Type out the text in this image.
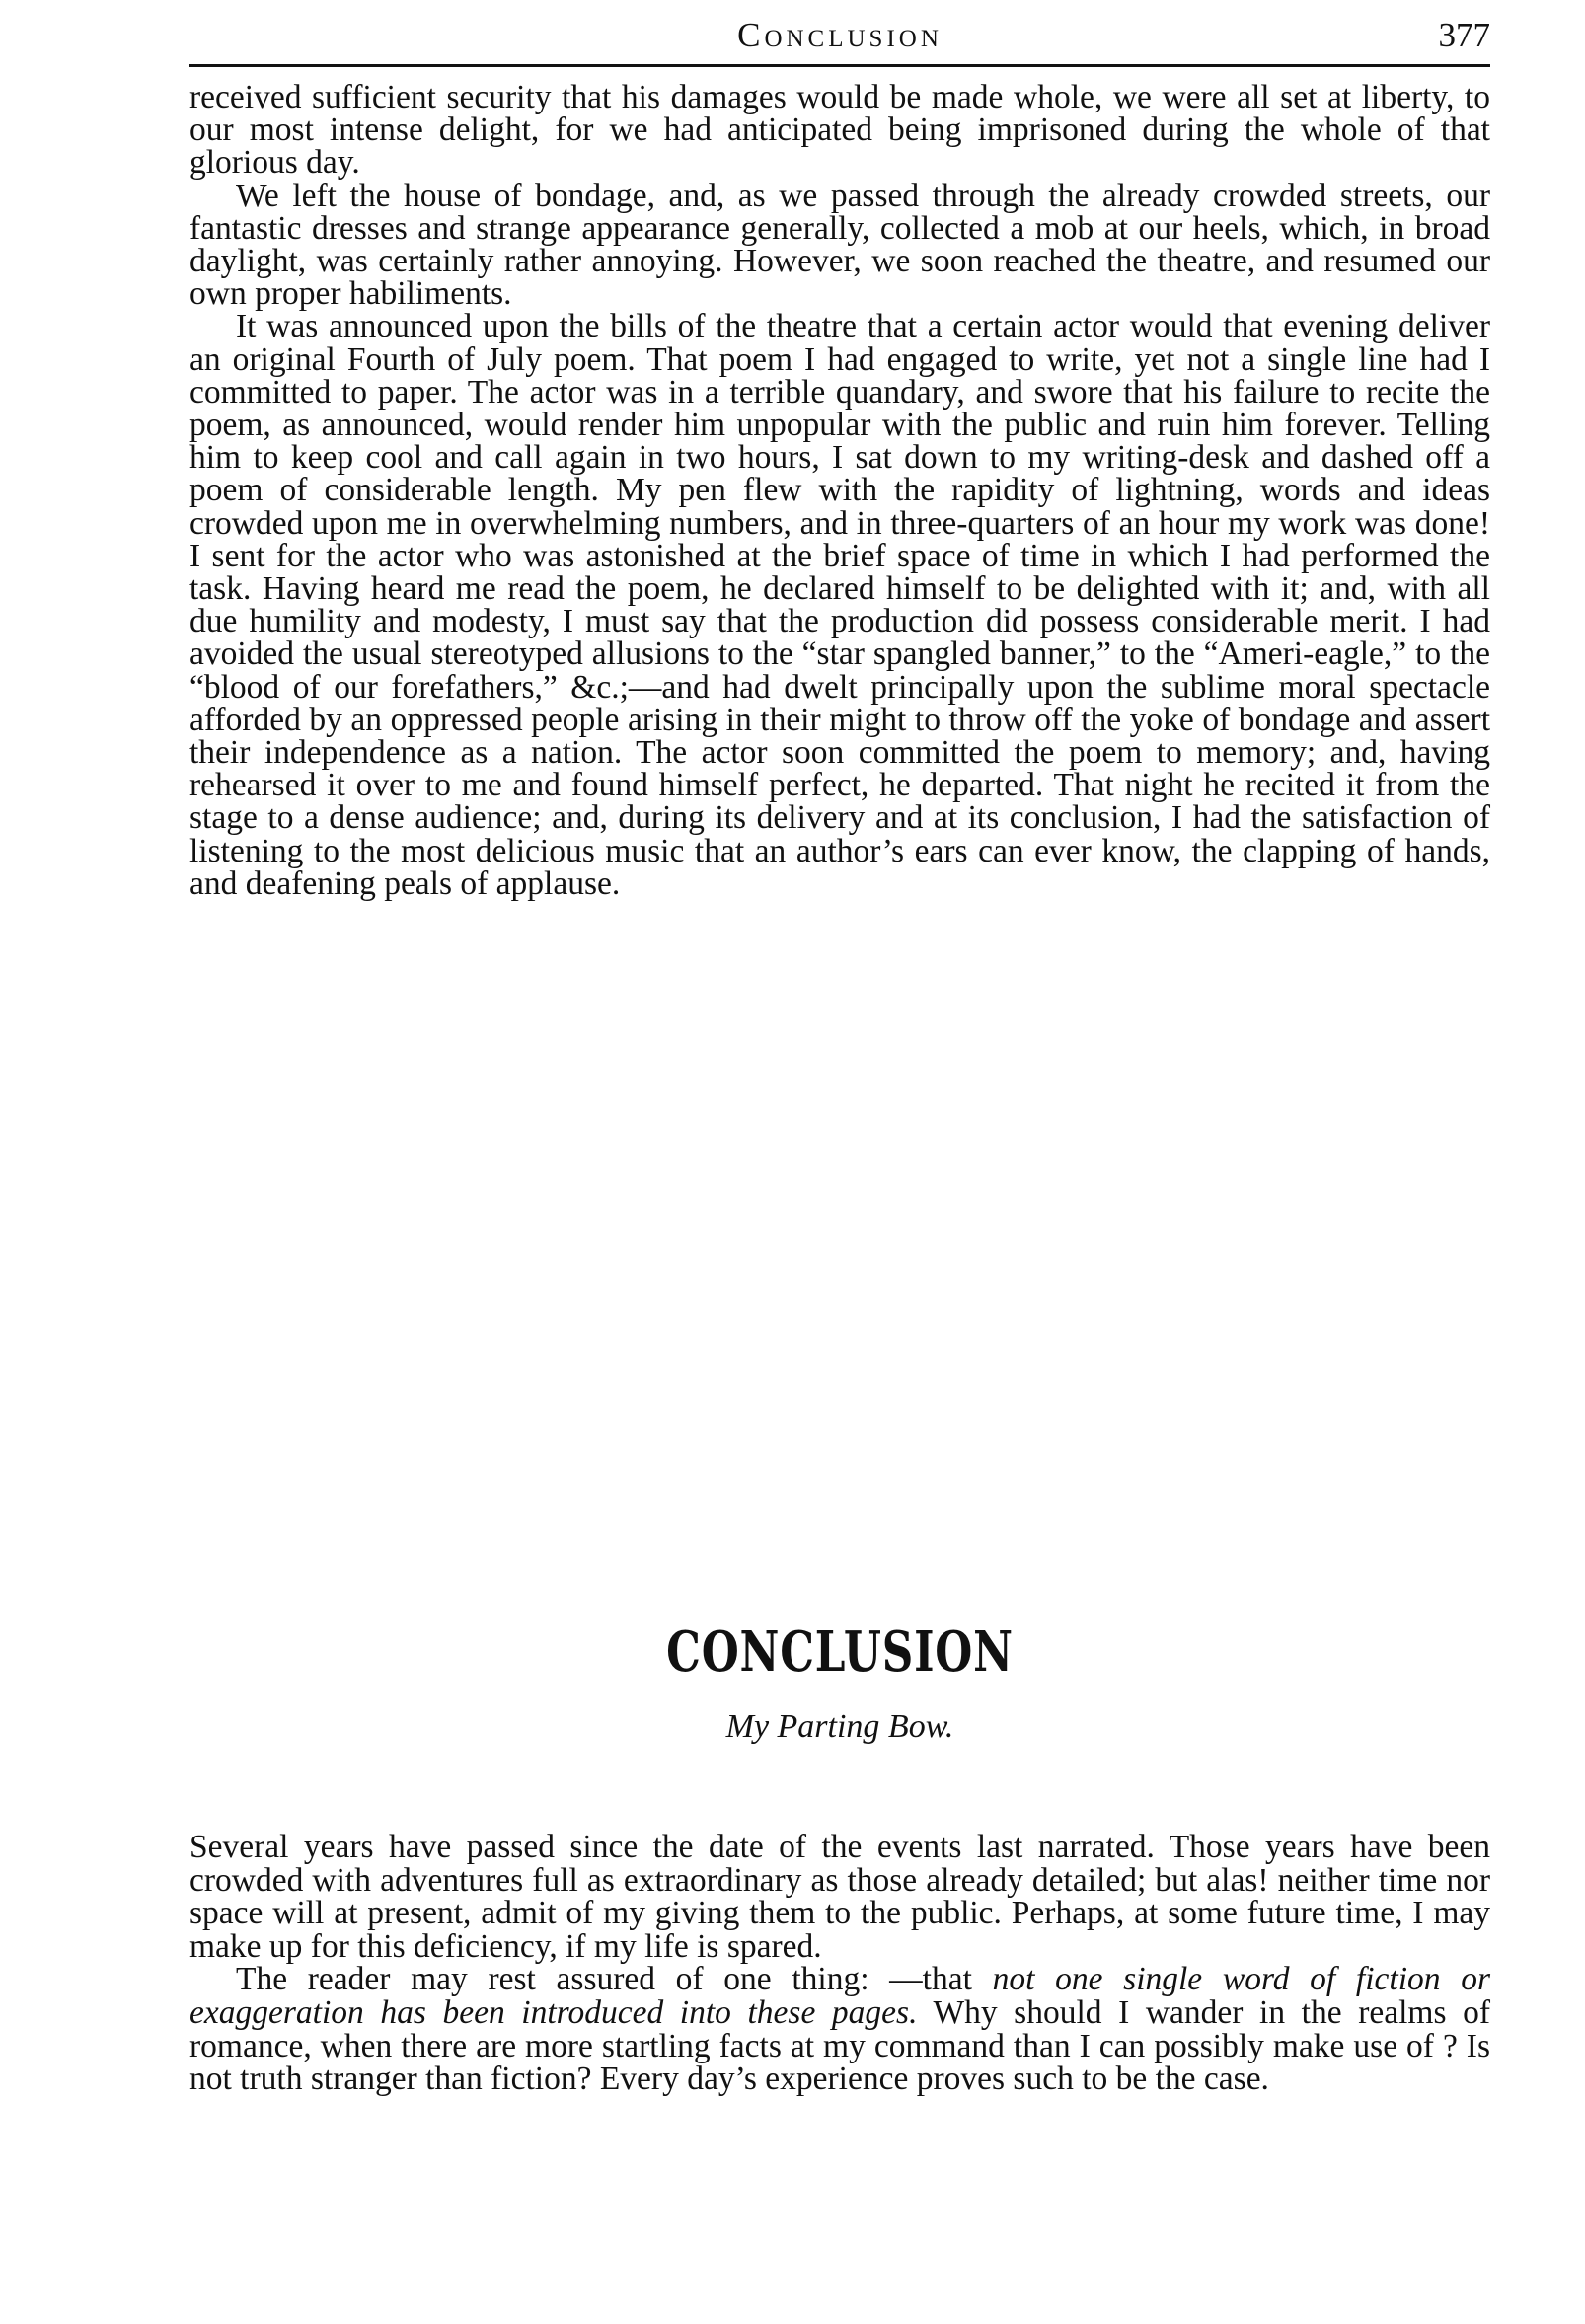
Conclusion	377

received sufficient security that his damages would be made whole, we were all set at liberty, to our most intense delight, for we had anticipated being imprisoned during the whole of that glorious day.

We left the house of bondage, and, as we passed through the already crowded streets, our fantastic dresses and strange appearance generally, collected a mob at our heels, which, in broad daylight, was certainly rather annoying. However, we soon reached the theatre, and resumed our own proper habiliments.

It was announced upon the bills of the theatre that a certain actor would that evening deliver an original Fourth of July poem. That poem I had engaged to write, yet not a single line had I committed to paper. The actor was in a terrible quandary, and swore that his failure to recite the poem, as announced, would render him unpopular with the public and ruin him forever. Telling him to keep cool and call again in two hours, I sat down to my writing-desk and dashed off a poem of considerable length. My pen flew with the rapidity of lightning, words and ideas crowded upon me in overwhelming numbers, and in three-quarters of an hour my work was done! I sent for the actor who was astonished at the brief space of time in which I had performed the task. Having heard me read the poem, he declared himself to be delighted with it; and, with all due humility and modesty, I must say that the production did possess considerable merit. I had avoided the usual stereotyped allusions to the “star spangled banner,” to the “Ameri-eagle,” to the “blood of our forefathers,” &c.;—and had dwelt principally upon the sublime moral spectacle afforded by an oppressed people arising in their might to throw off the yoke of bondage and assert their independence as a nation. The actor soon committed the poem to memory; and, having rehearsed it over to me and found himself perfect, he departed. That night he recited it from the stage to a dense audience; and, during its delivery and at its conclusion, I had the satisfaction of listening to the most delicious music that an author’s ears can ever know, the clapping of hands, and deafening peals of applause.

CONCLUSION
My Parting Bow.

Several years have passed since the date of the events last narrated. Those years have been crowded with adventures full as extraordinary as those already detailed; but alas! neither time nor space will at present, admit of my giving them to the public. Perhaps, at some future time, I may make up for this deficiency, if my life is spared.

The reader may rest assured of one thing: —that not one single word of fiction or exaggeration has been introduced into these pages. Why should I wander in the realms of romance, when there are more startling facts at my command than I can possibly make use of ? Is not truth stranger than fiction? Every day’s experience proves such to be the case.
